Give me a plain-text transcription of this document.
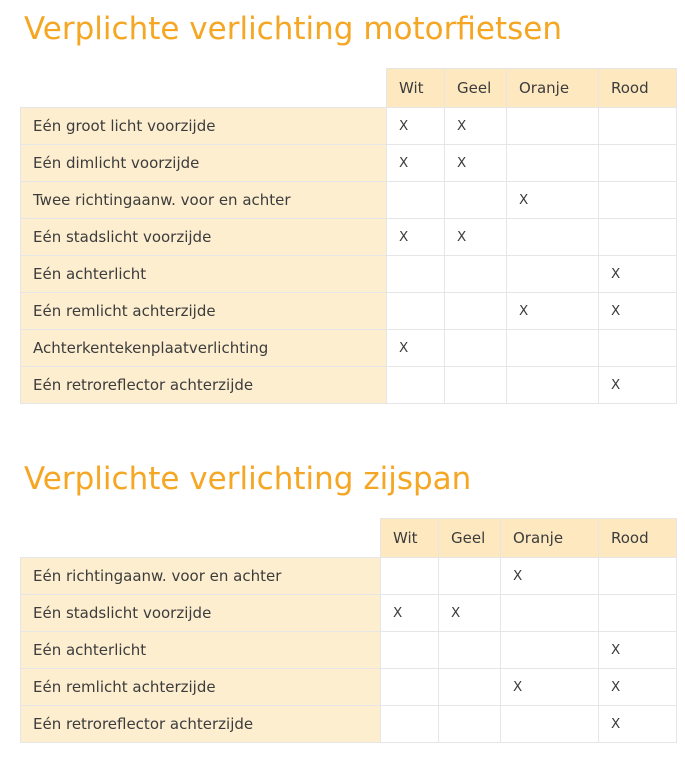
Verplichte verlichting motorfietsen
	Wit	Geel	Oranje	Rood
Eén groot licht voorzijde	X	X		
Eén dimlicht voorzijde	X	X		
Twee richtingaanw. voor en achter			X	
Eén stadslicht voorzijde	X	X		
Eén achterlicht				X
Eén remlicht achterzijde			X	X
Achterkentekenplaatverlichting	X			
Eén retroreflector achterzijde				X
Verplichte verlichting zijspan
	Wit	Geel	Oranje	Rood
Eén richtingaanw. voor en achter			X	
Eén stadslicht voorzijde	X	X		
Eén achterlicht				X
Eén remlicht achterzijde			X	X
Eén retroreflector achterzijde				X
